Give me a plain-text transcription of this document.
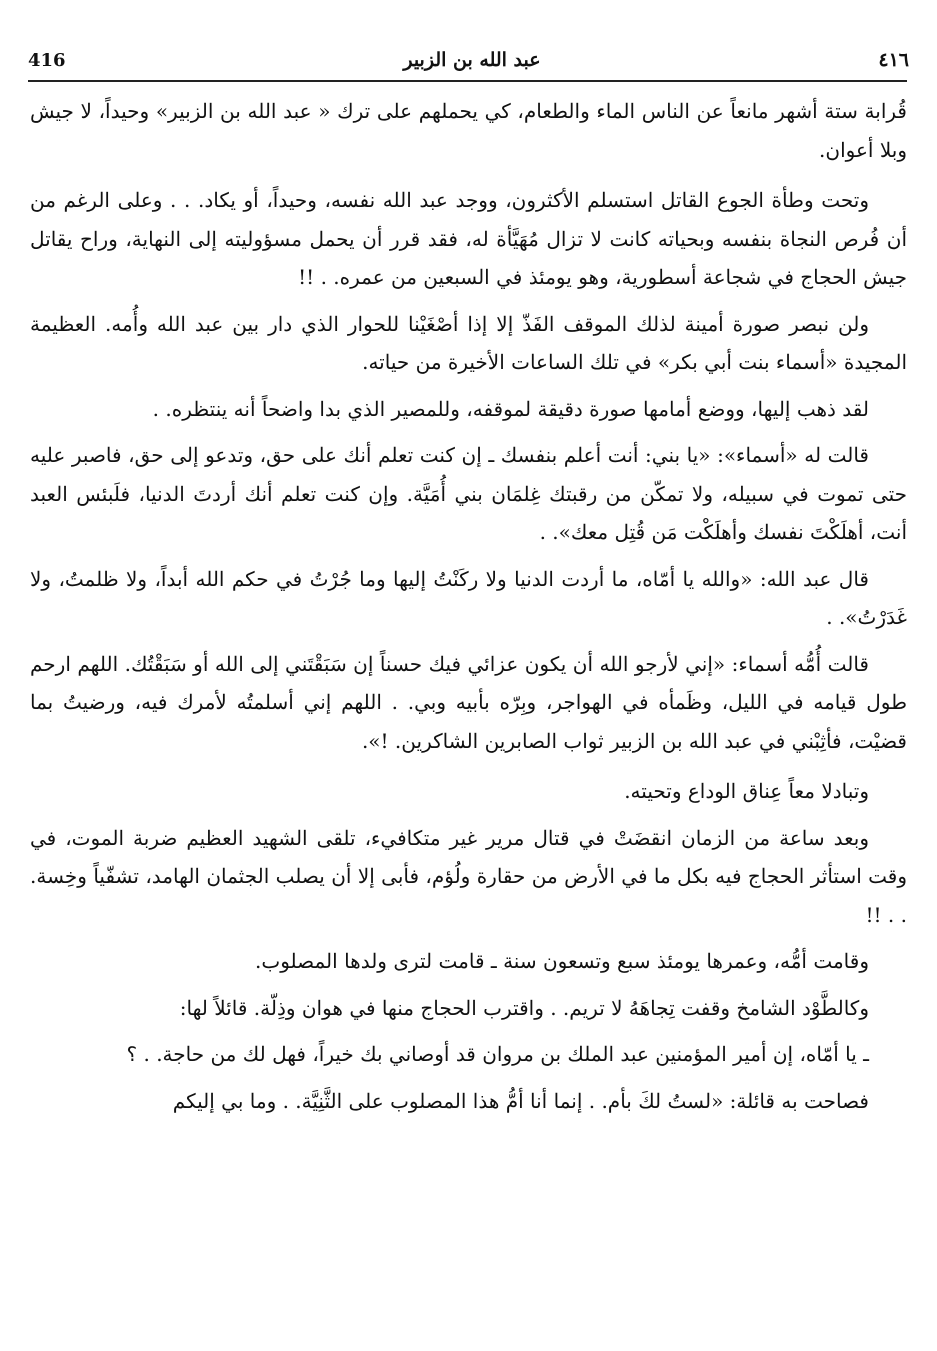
416	عبد الله بن الزبير	٤١٦

قُرابة ستة أشهر مانعاً عن الناس الماء والطعام، كي يحملهم على ترك « عبد الله بن الزبير» وحيداً، لا جيش وبلا أعوان.

وتحت وطأة الجوع القاتل استسلم الأكثرون، ووجد عبد الله نفسه، وحيداً، أو يكاد. . . وعلى الرغم من أن فُرص النجاة بنفسه وبحياته كانت لا تزال مُهَيَّأة له، فقد قرر أن يحمل مسؤوليته إلى النهاية، وراح يقاتل جيش الحجاج في شجاعة أسطورية، وهو يومئذ في السبعين من عمره. . !!

ولن نبصر صورة أمينة لذلك الموقف الفَذّ إلا إذا أصْغَيْنا للحوار الذي دار بين عبد الله وأُمه. العظيمة المجيدة «أسماء بنت أبي بكر» في تلك الساعات الأخيرة من حياته.

لقد ذهب إليها، ووضع أمامها صورة دقيقة لموقفه، وللمصير الذي بدا واضحاً أنه ينتظره. .

قالت له «أسماء»: «يا بني: أنت أعلم بنفسك ـ إن كنت تعلم أنك على حق، وتدعو إلى حق، فاصبر عليه حتى تموت في سبيله، ولا تمكّن من رقبتك غِلمَان بني أُمَيَّة. وإن كنت تعلم أنك أردتَ الدنيا، فلَبئس العبد أنت، أهلَكْتَ نفسك وأهلَكْت مَن قُتِل معك». .

قال عبد الله: «والله يا أمّاه، ما أردت الدنيا ولا ركَنْتُ إليها وما جُرْتُ في حكم الله أبداً، ولا ظلمتُ، ولا غَدَرْتُ». .

قالت أُمُّه أسماء: «إني لأرجو الله أن يكون عزائي فيك حسناً إن سَبَقْتَني إلى الله أو سَبَقْتُك. اللهم ارحم طول قيامه في الليل، وظَمأه في الهواجر، وبِرّه بأبيه وبي. . اللهم إني أسلمتُه لأمرك فيه، ورضيتُ بما قضيْت، فأثِبْني في عبد الله بن الزبير ثواب الصابرين الشاكرين. !».

وتبادلا معاً عِناق الوداع وتحيته.

وبعد ساعة من الزمان انقضَتْ في قتال مرير غير متكافيء، تلقى الشهيد العظيم ضربة الموت، في وقت استأثر الحجاج فيه بكل ما في الأرض من حقارة ولُؤم، فأبى إلا أن يصلب الجثمان الهامد، تشفّياً وخِسة. . . !!

وقامت أمُّه، وعمرها يومئذ سبع وتسعون سنة ـ قامت لترى ولدها المصلوب.

وكالطَّوْد الشامخ وقفت تِجاهَهُ لا تريم. . واقترب الحجاج منها في هوان وذِلّة. قائلاً لها:

ـ يا أمّاه، إن أمير المؤمنين عبد الملك بن مروان قد أوصاني بك خيراً، فهل لك من حاجة. . ؟

فصاحت به قائلة: «لستُ لكَ بأم. . إنما أنا أمُّ هذا المصلوب على الثَّنِيَّة. . وما بي إليكم
